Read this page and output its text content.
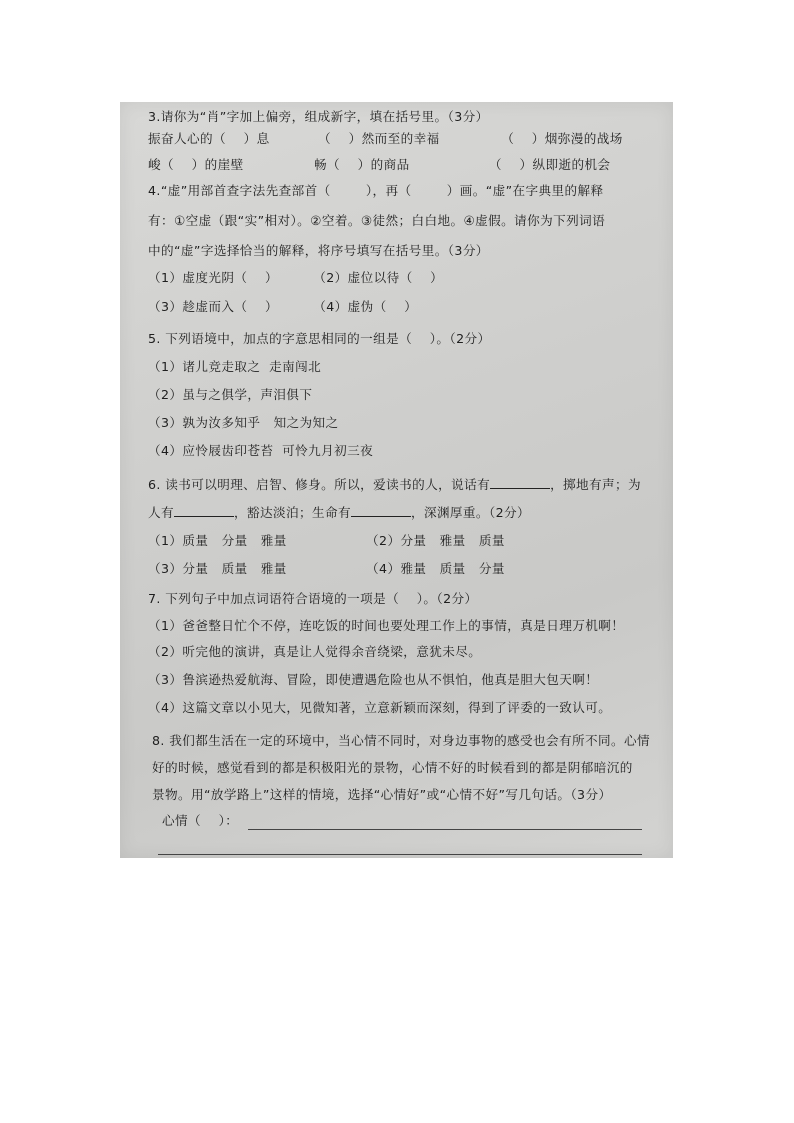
3.请你为“肖”字加上偏旁，组成新字，填在括号里。（3分）
振奋人心的（    ）息           （    ）然而至的幸福              （    ）烟弥漫的战场
峻（    ）的崖壁                畅（    ）的商品                  （    ）纵即逝的机会
4.“虚”用部首查字法先查部首（        ），再（        ）画。“虚”在字典里的解释
有：①空虚（跟“实”相对）。②空着。③徒然；白白地。④虚假。请你为下列词语
中的“虚”字选择恰当的解释，将序号填写在括号里。（3分）
（1）虚度光阴（    ）        （2）虚位以待（    ）
（3）趁虚而入（    ）        （4）虚伪（    ）
5. 下列语境中，加点的字意思相同的一组是（    ）。（2分）
（1）诸儿竞走取之  走南闯北
（2）虽与之俱学，声泪俱下
（3）孰为汝多知乎   知之为知之
（4）应怜屐齿印苍苔  可怜九月初三夜
6. 读书可以明理、启智、修身。所以，爱读书的人，说话有	，掷地有声；为
人有	，豁达淡泊；生命有	，深渊厚重。（2分）
（1）质量   分量   雅量                  （2）分量   雅量   质量
（3）分量   质量   雅量                  （4）雅量   质量   分量
7. 下列句子中加点词语符合语境的一项是（    ）。（2分）
（1）爸爸整日忙个不停，连吃饭的时间也要处理工作上的事情，真是日理万机啊！
（2）听完他的演讲，真是让人觉得余音绕梁，意犹未尽。
（3）鲁滨逊热爱航海、冒险，即使遭遇危险也从不惧怕，他真是胆大包天啊！
（4）这篇文章以小见大，见微知著，立意新颖而深刻，得到了评委的一致认可。
8. 我们都生活在一定的环境中，当心情不同时，对身边事物的感受也会有所不同。心情
好的时候，感觉看到的都是积极阳光的景物，心情不好的时候看到的都是阴郁暗沉的
景物。用“放学路上”这样的情境，选择“心情好”或“心情不好”写几句话。（3分）
心情（    ）：
